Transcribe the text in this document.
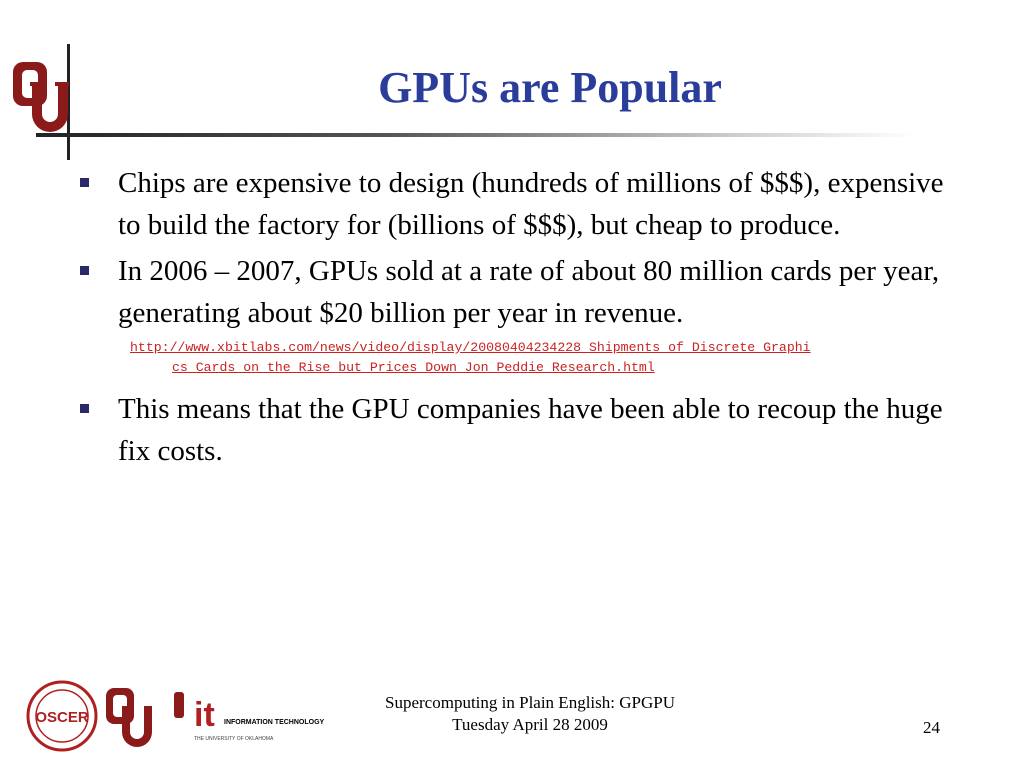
GPUs are Popular
Chips are expensive to design (hundreds of millions of $$$), expensive to build the factory for (billions of $$$), but cheap to produce.
In 2006 – 2007, GPUs sold at a rate of about 80 million cards per year, generating about $20 billion per year in revenue.
http://www.xbitlabs.com/news/video/display/20080404234228_Shipments_of_Discrete_Graphi
cs_Cards_on_the_Rise_but_Prices_Down_Jon_Peddie_Research.html
This means that the GPU companies have been able to recoup the huge fix costs.
OSCER	it INFORMATION TECHNOLOGY
THE UNIVERSITY OF OKLAHOMA
Supercomputing in Plain English: GPGPU
Tuesday April 28 2009	24
